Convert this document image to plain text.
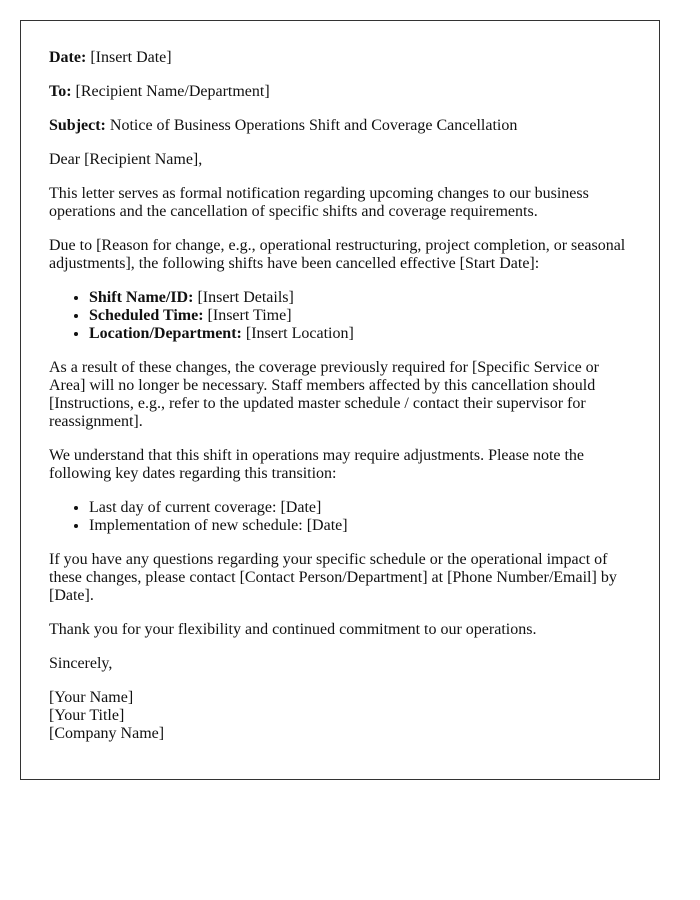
Date: [Insert Date]

To: [Recipient Name/Department]

Subject: Notice of Business Operations Shift and Coverage Cancellation

Dear [Recipient Name],

This letter serves as formal notification regarding upcoming changes to our business operations and the cancellation of specific shifts and coverage requirements.

Due to [Reason for change, e.g., operational restructuring, project completion, or seasonal adjustments], the following shifts have been cancelled effective [Start Date]:

• Shift Name/ID: [Insert Details]
• Scheduled Time: [Insert Time]
• Location/Department: [Insert Location]

As a result of these changes, the coverage previously required for [Specific Service or Area] will no longer be necessary. Staff members affected by this cancellation should [Instructions, e.g., refer to the updated master schedule / contact their supervisor for reassignment].

We understand that this shift in operations may require adjustments. Please note the following key dates regarding this transition:

• Last day of current coverage: [Date]
• Implementation of new schedule: [Date]

If you have any questions regarding your specific schedule or the operational impact of these changes, please contact [Contact Person/Department] at [Phone Number/Email] by [Date].

Thank you for your flexibility and continued commitment to our operations.

Sincerely,

[Your Name]

[Your Title]

[Company Name]
